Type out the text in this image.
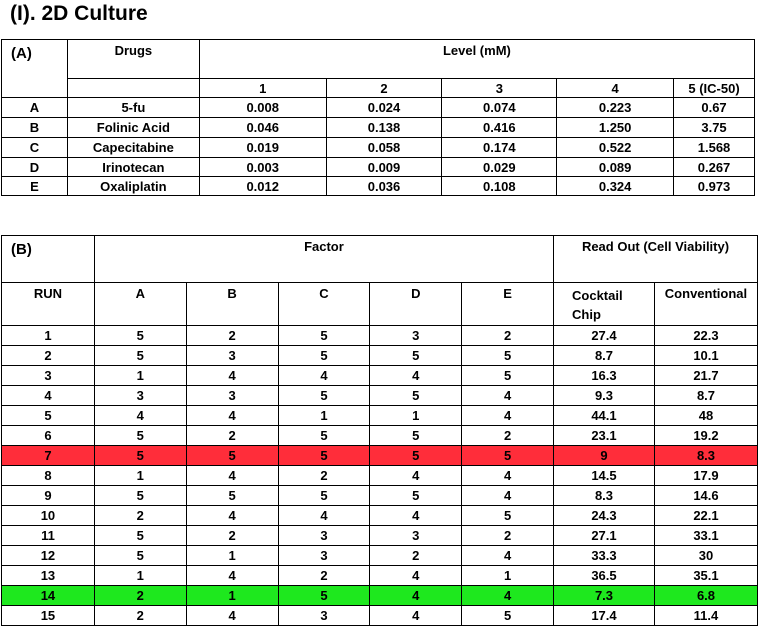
(I). 2D Culture
(A)	Drugs	Level (mM)				
		1	2	3	4	5 (IC-50)
A	5-fu	0.008	0.024	0.074	0.223	0.67
B	Folinic Acid	0.046	0.138	0.416	1.250	3.75
C	Capecitabine	0.019	0.058	0.174	0.522	1.568
D	Irinotecan	0.003	0.009	0.029	0.089	0.267
E	Oxaliplatin	0.012	0.036	0.108	0.324	0.973
(B)	Factor					Read Out (Cell Viability)	
RUN	A	B	C	D	E	Cocktail Chip	Conventional
1	5	2	5	3	2	27.4	22.3
2	5	3	5	5	5	8.7	10.1
3	1	4	4	4	5	16.3	21.7
4	3	3	5	5	4	9.3	8.7
5	4	4	1	1	4	44.1	48
6	5	2	5	5	2	23.1	19.2
7	5	5	5	5	5	9	8.3
8	1	4	2	4	4	14.5	17.9
9	5	5	5	5	4	8.3	14.6
10	2	4	4	4	5	24.3	22.1
11	5	2	3	3	2	27.1	33.1
12	5	1	3	2	4	33.3	30
13	1	4	2	4	1	36.5	35.1
14	2	1	5	4	4	7.3	6.8
15	2	4	3	4	5	17.4	11.4
